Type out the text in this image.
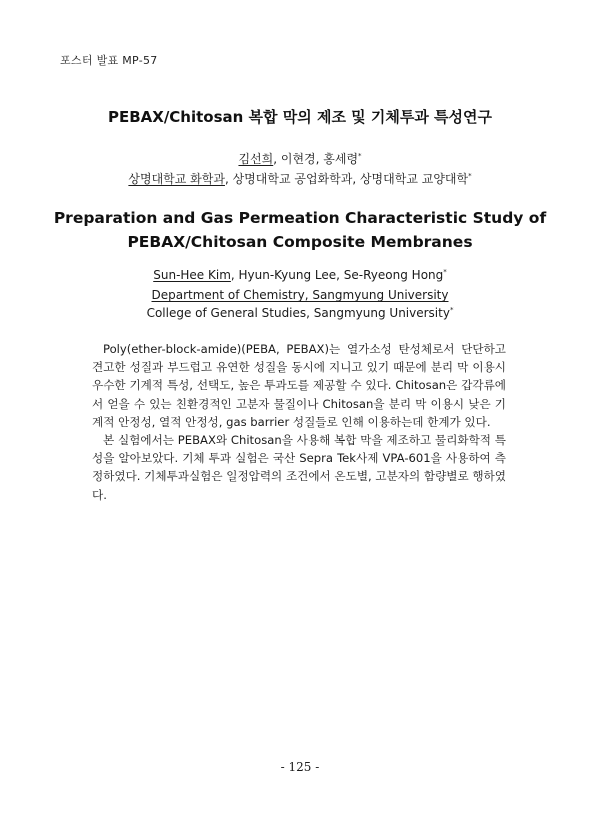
포스터 발표 MP-57
PEBAX/Chitosan 복합 막의 제조 및 기체투과 특성연구
김선희, 이현경, 홍세령*
상명대학교 화학과, 상명대학교 공업화학과, 상명대학교 교양대학*
Preparation and Gas Permeation Characteristic Study of
PEBAX/Chitosan Composite Membranes
Sun-Hee Kim, Hyun-Kyung Lee, Se-Ryeong Hong*
Department of Chemistry, Sangmyung University
College of General Studies, Sangmyung University*

Poly(ether-block-amide)(PEBA, PEBAX)는 열가소성 탄성체로서 단단하고 견고한 성질과 부드럽고 유연한 성질을 동시에 지니고 있기 때문에 분리 막 이용시 우수한 기계적 특성, 선택도, 높은 투과도를 제공할 수 있다. Chitosan은 갑각류에서 얻을 수 있는 친환경적인 고분자 물질이나 Chitosan을 분리 막 이용시 낮은 기계적 안정성, 열적 안정성, gas barrier 성질들로 인해 이용하는데 한계가 있다.

본 실험에서는 PEBAX와 Chitosan을 사용해 복합 막을 제조하고 물리화학적 특성을 알아보았다. 기체 투과 실험은 국산 Sepra Tek사제 VPA-601을 사용하여 측정하였다. 기체투과실험은 일정압력의 조건에서 온도별, 고분자의 함량별로 행하였다.

- 125 -
